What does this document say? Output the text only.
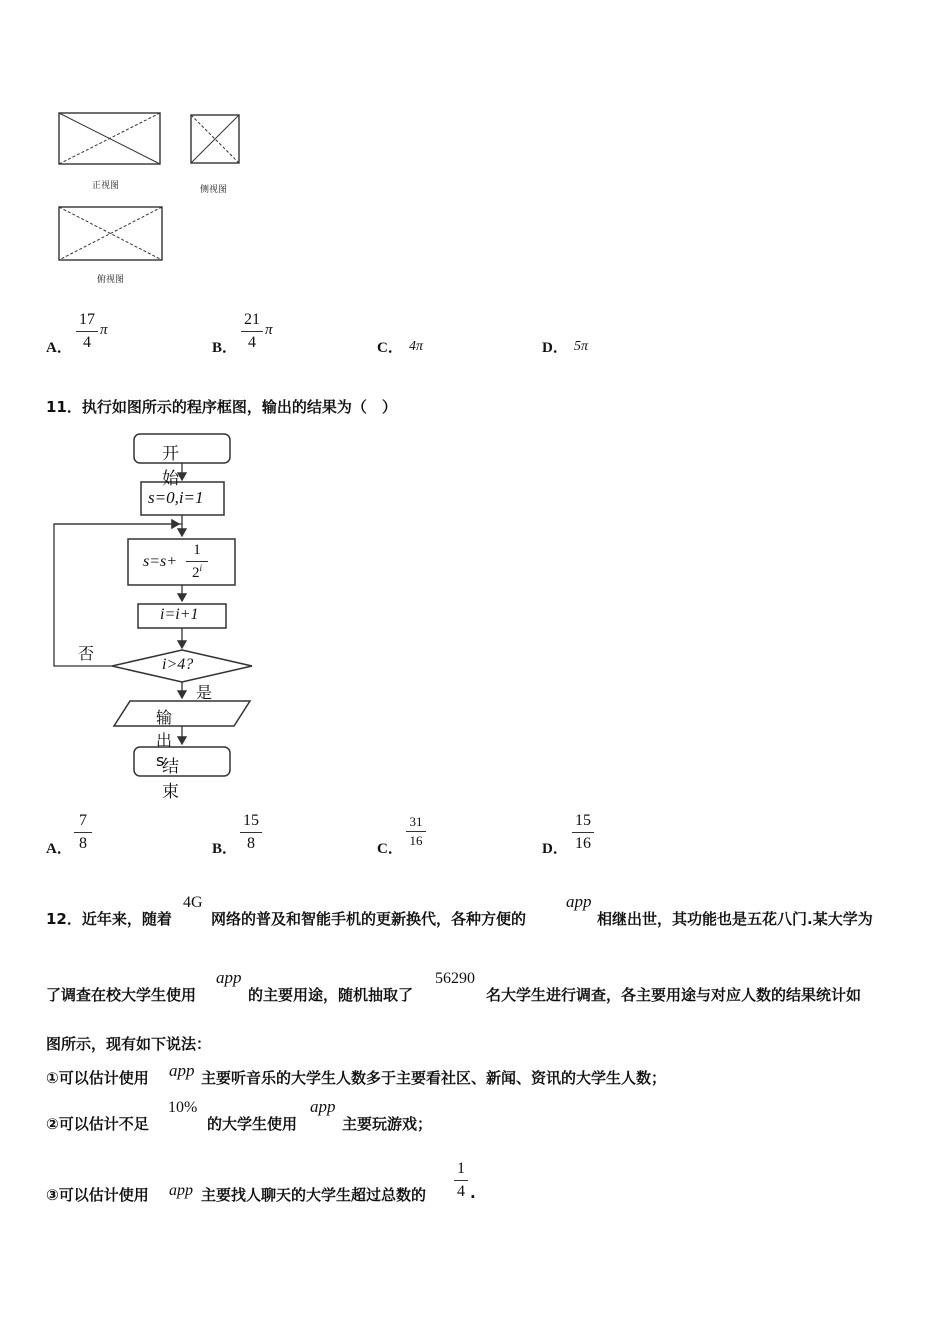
正视图	侧视图
俯视图
A．
17
4
π
B．
21
4
π
C． 4π	D． 5π
11．执行如图所示的程序框图，输出的结果为（　）
开始
s=0,i=1
s=s+
1
2$^i$
i=i+1
i>4?
否
是
输出 s
结束
A．
7
8	B．
15
8	C．
31
16
D．
15
16
12．近年来，随着
4G
网络的普及和智能手机的更新换代，各种方便的
app
相继出世，其功能也是五花八门.某大学为
了调查在校大学生使用
app
的主要用途，随机抽取了
56290
名大学生进行调查，各主要用途与对应人数的结果统计如
图所示，现有如下说法：
①可以估计使用 app 主要听音乐的大学生人数多于主要看社区、新闻、资讯的大学生人数；
②可以估计不足
10%
的大学生使用
app
主要玩游戏；
③可以估计使用 app 主要找人聊天的大学生超过总数的
1
4 .
